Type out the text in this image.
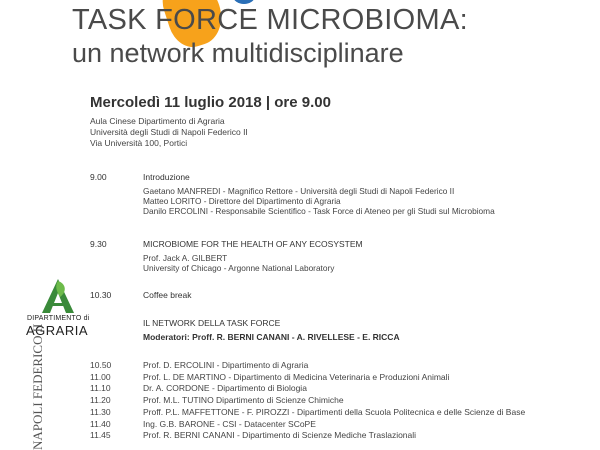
TASK FORCE MICROBIOMA:
un network multidisciplinare
Mercoledì 11 luglio 2018 | ore 9.00
Aula Cinese Dipartimento di Agraria
Università degli Studi di Napoli Federico II
Via Università 100, Portici
9.00	Introduzione
Gaetano MANFREDI - Magnifico Rettore - Università degli Studi di Napoli Federico II
Matteo LORITO - Direttore del Dipartimento di Agraria
Danilo ERCOLINI - Responsabile Scientifico - Task Force di Ateneo per gli Studi sul Microbioma
9.30	MICROBIOME FOR THE HEALTH OF ANY ECOSYSTEM
Prof. Jack A. GILBERT
University of Chicago - Argonne National Laboratory
10.30	Coffee break
IL NETWORK DELLA TASK FORCE
Moderatori: Proff. R. BERNI CANANI - A. RIVELLESE - E. RICCA
10.50	Prof. D. ERCOLINI - Dipartimento di Agraria
11.00	Prof. L. DE MARTINO - Dipartimento di Medicina Veterinaria e Produzioni Animali
11.10	Dr. A. CORDONE - Dipartimento di Biologia
11.20	Prof. M.L. TUTINO Dipartimento di Scienze Chimiche
11.30	Proff. P.L. MAFFETTONE - F. PIROZZI - Dipartimenti della Scuola Politecnica e delle Scienze di Base
11.40	Ing. G.B. BARONE - CSI - Datacenter SCoPE
11.45	Prof. R. BERNI CANANI - Dipartimento di Scienze Mediche Traslazionali
DIPARTIMENTO di
AGRARIA
NAPOLI FEDERICO II
